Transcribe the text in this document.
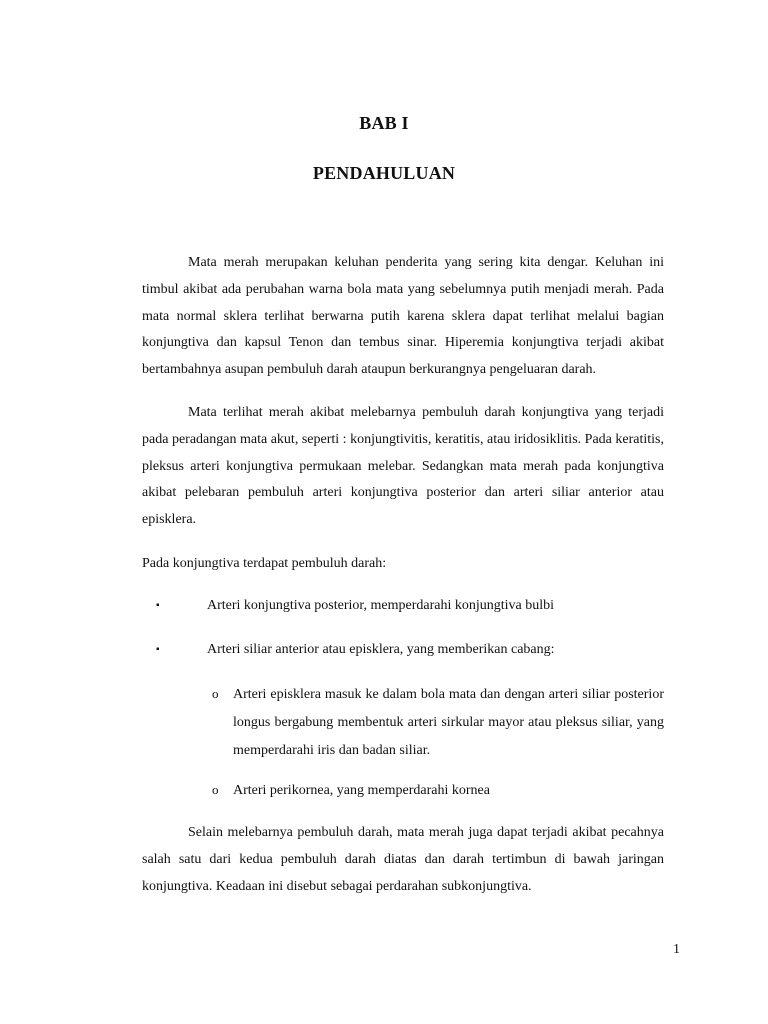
BAB I
PENDAHULUAN

Mata merah merupakan keluhan penderita yang sering kita dengar. Keluhan ini timbul akibat ada perubahan warna bola mata yang sebelumnya putih menjadi merah. Pada mata normal sklera terlihat berwarna putih karena sklera dapat terlihat melalui bagian konjungtiva dan kapsul Tenon dan tembus sinar. Hiperemia konjungtiva terjadi akibat bertambahnya asupan pembuluh darah ataupun berkurangnya pengeluaran darah.

Mata terlihat merah akibat melebarnya pembuluh darah konjungtiva yang terjadi pada peradangan mata akut, seperti : konjungtivitis, keratitis, atau iridosiklitis. Pada keratitis, pleksus arteri konjungtiva permukaan melebar. Sedangkan mata merah pada konjungtiva akibat pelebaran pembuluh arteri konjungtiva posterior dan arteri siliar anterior atau episklera.

Pada konjungtiva terdapat pembuluh darah:

▪	Arteri konjungtiva posterior, memperdarahi konjungtiva bulbi

▪	Arteri siliar anterior atau episklera, yang memberikan cabang:

o Arteri episklera masuk ke dalam bola mata dan dengan arteri siliar posterior longus bergabung membentuk arteri sirkular mayor atau pleksus siliar, yang memperdarahi iris dan badan siliar.

o Arteri perikornea, yang memperdarahi kornea

Selain melebarnya pembuluh darah, mata merah juga dapat terjadi akibat pecahnya salah satu dari kedua pembuluh darah diatas dan darah tertimbun di bawah jaringan konjungtiva. Keadaan ini disebut sebagai perdarahan subkonjungtiva.

1
